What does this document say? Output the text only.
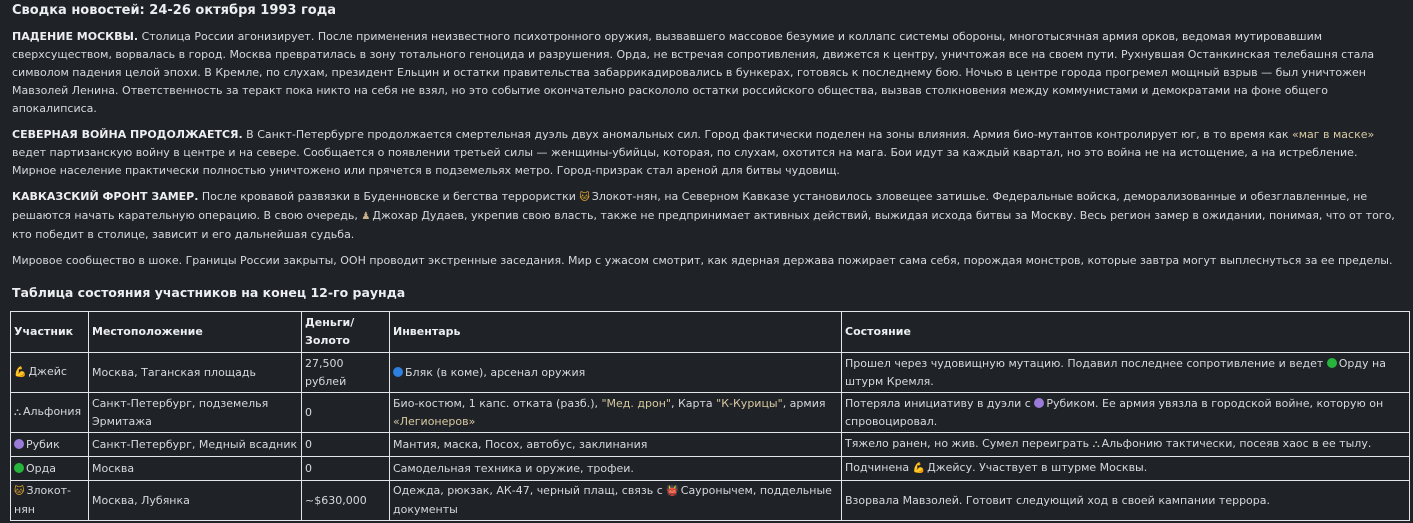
Сводка новостей: 24-26 октября 1993 года

ПАДЕНИЕ МОСКВЫ. Столица России агонизирует. После применения неизвестного психотронного оружия, вызвавшего массовое безумие и коллапс системы обороны, многотысячная армия орков, ведомая мутировавшим сверхсуществом, ворвалась в город. Москва превратилась в зону тотального геноцида и разрушения. Орда, не встречая сопротивления, движется к центру, уничтожая все на своем пути. Рухнувшая Останкинская телебашня стала символом падения целой эпохи. В Кремле, по слухам, президент Ельцин и остатки правительства забаррикадировались в бункерах, готовясь к последнему бою. Ночью в центре города прогремел мощный взрыв — был уничтожен Мавзолей Ленина. Ответственность за теракт пока никто на себя не взял, но это событие окончательно раскололо остатки российского общества, вызвав столкновения между коммунистами и демократами на фоне общего апокалипсиса.

СЕВЕРНАЯ ВОЙНА ПРОДОЛЖАЕТСЯ. В Санкт-Петербурге продолжается смертельная дуэль двух аномальных сил. Город фактически поделен на зоны влияния. Армия био-мутантов контролирует юг, в то время как «маг в маске» ведет партизанскую войну в центре и на севере. Сообщается о появлении третьей силы — женщины-убийцы, которая, по слухам, охотится на мага. Бои идут за каждый квартал, но это война не на истощение, а на истребление. Мирное население практически полностью уничтожено или прячется в подземельях метро. Город-призрак стал ареной для битвы чудовищ.

КАВКАЗСКИЙ ФРОНТ ЗАМЕР. После кровавой развязки в Буденновске и бегства террористки 🐱 Злокот-нян, на Северном Кавказе установилось зловещее затишье. Федеральные войска, деморализованные и обезглавленные, не решаются начать карательную операцию. В свою очередь, ♟ Джохар Дудаев, укрепив свою власть, также не предпринимает активных действий, выжидая исхода битвы за Москву. Весь регион замер в ожидании, понимая, что от того, кто победит в столице, зависит и его дальнейшая судьба.

Мировое сообщество в шоке. Границы России закрыты, ООН проводит экстренные заседания. Мир с ужасом смотрит, как ядерная держава пожирает сама себя, порождая монстров, которые завтра могут выплеснуться за ее пределы.

Таблица состояния участников на конец 12-го раунда
Участник	Местоположение	Деньги/ Золото	Инвентарь	Состояние
💪 Джейс	Москва, Таганская площадь	27,500 рублей	Бляк (в коме), арсенал оружия	Прошел через чудовищную мутацию. Подавил последнее сопротивление и ведет Орду на штурм Кремля.
⛬ Альфония	Санкт-Петербург, подземелья Эрмитажа	0	Био-костюм, 1 капс. отката (разб.), "Мед. дрон", Карта "К-Курицы", армия «Легионеров»	Потеряла инициативу в дуэли с Рубиком. Ее армия увязла в городской войне, которую он спровоцировал.
Рубик	Санкт-Петербург, Медный всадник	0	Мантия, маска, Посох, автобус, заклинания	Тяжело ранен, но жив. Сумел переиграть ⛬ Альфонию тактически, посеяв хаос в ее тылу.
Орда	Москва	0	Самодельная техника и оружие, трофеи.	Подчинена 💪 Джейсу. Участвует в штурме Москвы.
🐱 Злокот-нян	Москва, Лубянка	~$630,000	Одежда, рюкзак, АК-47, черный плащ, связь с 👹 Сауронычем, поддельные документы	Взорвала Мавзолей. Готовит следующий ход в своей кампании террора.
